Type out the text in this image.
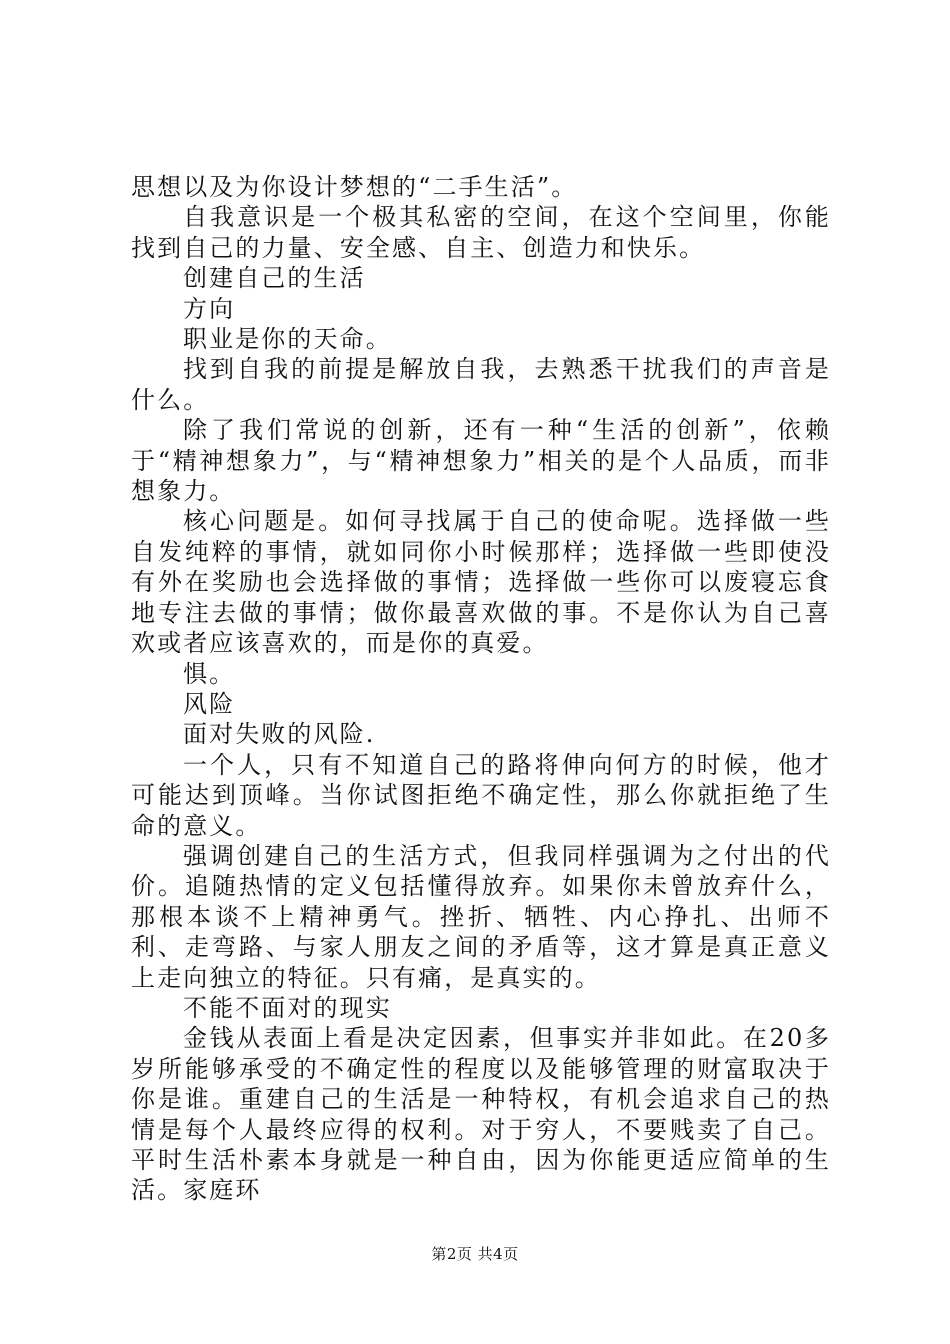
思想以及为你设计梦想的“二手生活”。

自我意识是一个极其私密的空间，在这个空间里，你能找到自己的力量、安全感、自主、创造力和快乐。

创建自己的生活

方向

职业是你的天命。

找到自我的前提是解放自我，去熟悉干扰我们的声音是什么。

除了我们常说的创新，还有一种“生活的创新”，依赖于“精神想象力”，与“精神想象力”相关的是个人品质，而非想象力。

核心问题是。如何寻找属于自己的使命呢。选择做一些自发纯粹的事情，就如同你小时候那样；选择做一些即使没有外在奖励也会选择做的事情；选择做一些你可以废寝忘食地专注去做的事情；做你最喜欢做的事。不是你认为自己喜欢或者应该喜欢的，而是你的真爱。

惧。

风险

面对失败的风险.

一个人，只有不知道自己的路将伸向何方的时候，他才可能达到顶峰。当你试图拒绝不确定性，那么你就拒绝了生命的意义。

强调创建自己的生活方式，但我同样强调为之付出的代价。追随热情的定义包括懂得放弃。如果你未曾放弃什么，那根本谈不上精神勇气。挫折、牺牲、内心挣扎、出师不利、走弯路、与家人朋友之间的矛盾等，这才算是真正意义上走向独立的特征。只有痛，是真实的。

不能不面对的现实

金钱从表面上看是决定因素，但事实并非如此。在20多岁所能够承受的不确定性的程度以及能够管理的财富取决于你是谁。重建自己的生活是一种特权，有机会追求自己的热情是每个人最终应得的权利。对于穷人，不要贱卖了自己。平时生活朴素本身就是一种自由，因为你能更适应简单的生活。家庭环

第2页 共4页
